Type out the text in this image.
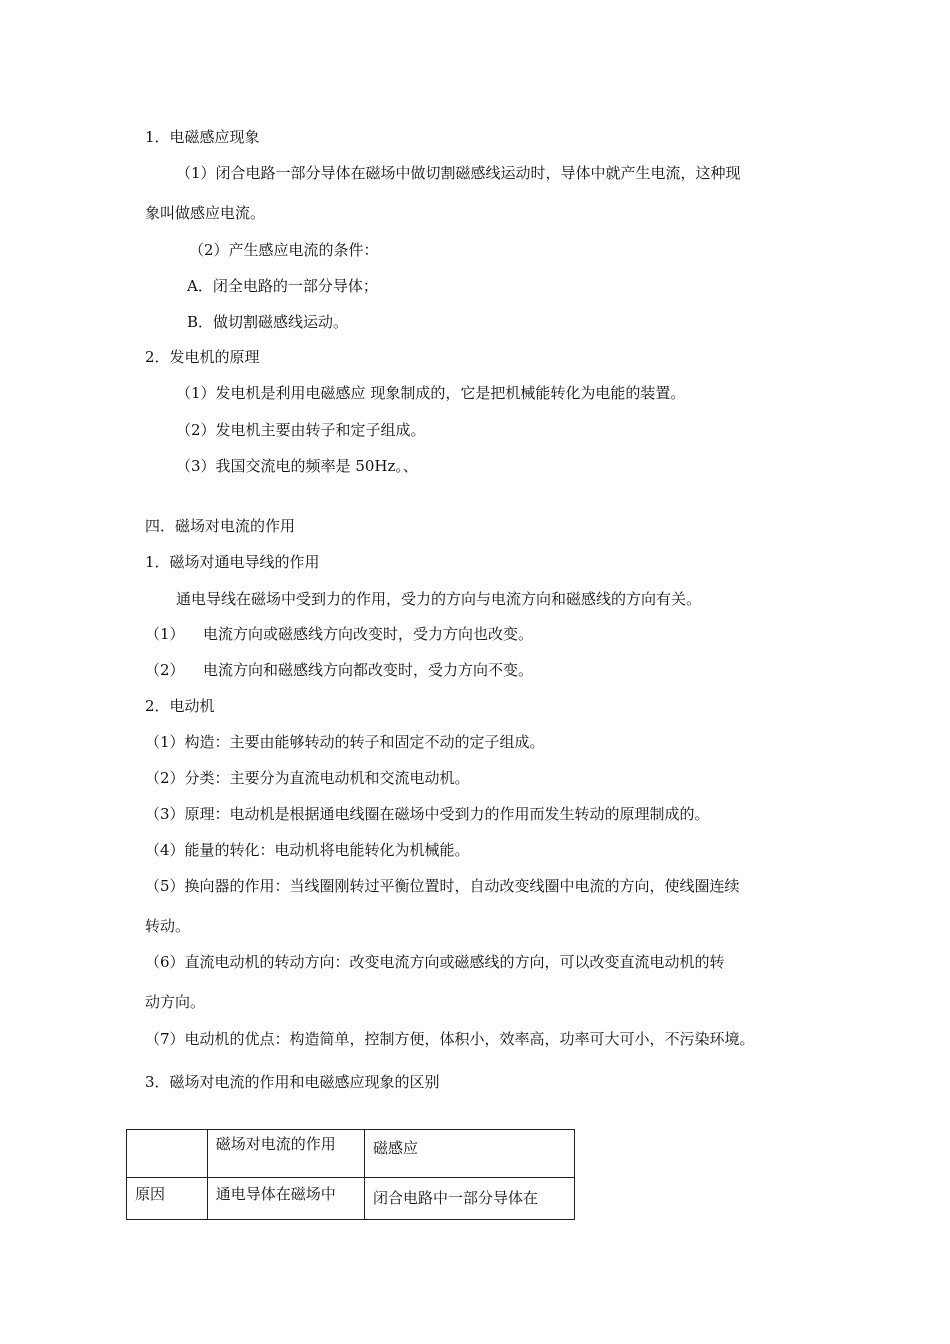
1．电磁感应现象
（1）闭合电路一部分导体在磁场中做切割磁感线运动时，导体中就产生电流，这种现
象叫做感应电流。
（2）产生感应电流的条件：
A．闭全电路的一部分导体；
B．做切割磁感线运动。
2．发电机的原理
（1）发电机是利用电磁感应 现象制成的，它是把机械能转化为电能的装置。
（2）发电机主要由转子和定子组成。
（3）我国交流电的频率是 50Hz。、
四．磁场对电流的作用
1．磁场对通电导线的作用
通电导线在磁场中受到力的作用，受力的方向与电流方向和磁感线的方向有关。
（1） 电流方向或磁感线方向改变时，受力方向也改变。
（2） 电流方向和磁感线方向都改变时，受力方向不变。
2．电动机
（1）构造：主要由能够转动的转子和固定不动的定子组成。
（2）分类：主要分为直流电动机和交流电动机。
（3）原理：电动机是根据通电线圈在磁场中受到力的作用而发生转动的原理制成的。
（4）能量的转化：电动机将电能转化为机械能。
（5）换向器的作用：当线圈刚转过平衡位置时，自动改变线圈中电流的方向，使线圈连续
转动。
（6）直流电动机的转动方向：改变电流方向或磁感线的方向，可以改变直流电动机的转
动方向。
（7）电动机的优点：构造简单，控制方便，体积小，效率高，功率可大可小，不污染环境。
3．磁场对电流的作用和电磁感应现象的区别

	磁场对电流的作用	磁感应

原因	通电导体在磁场中	闭合电路中一部分导体在
